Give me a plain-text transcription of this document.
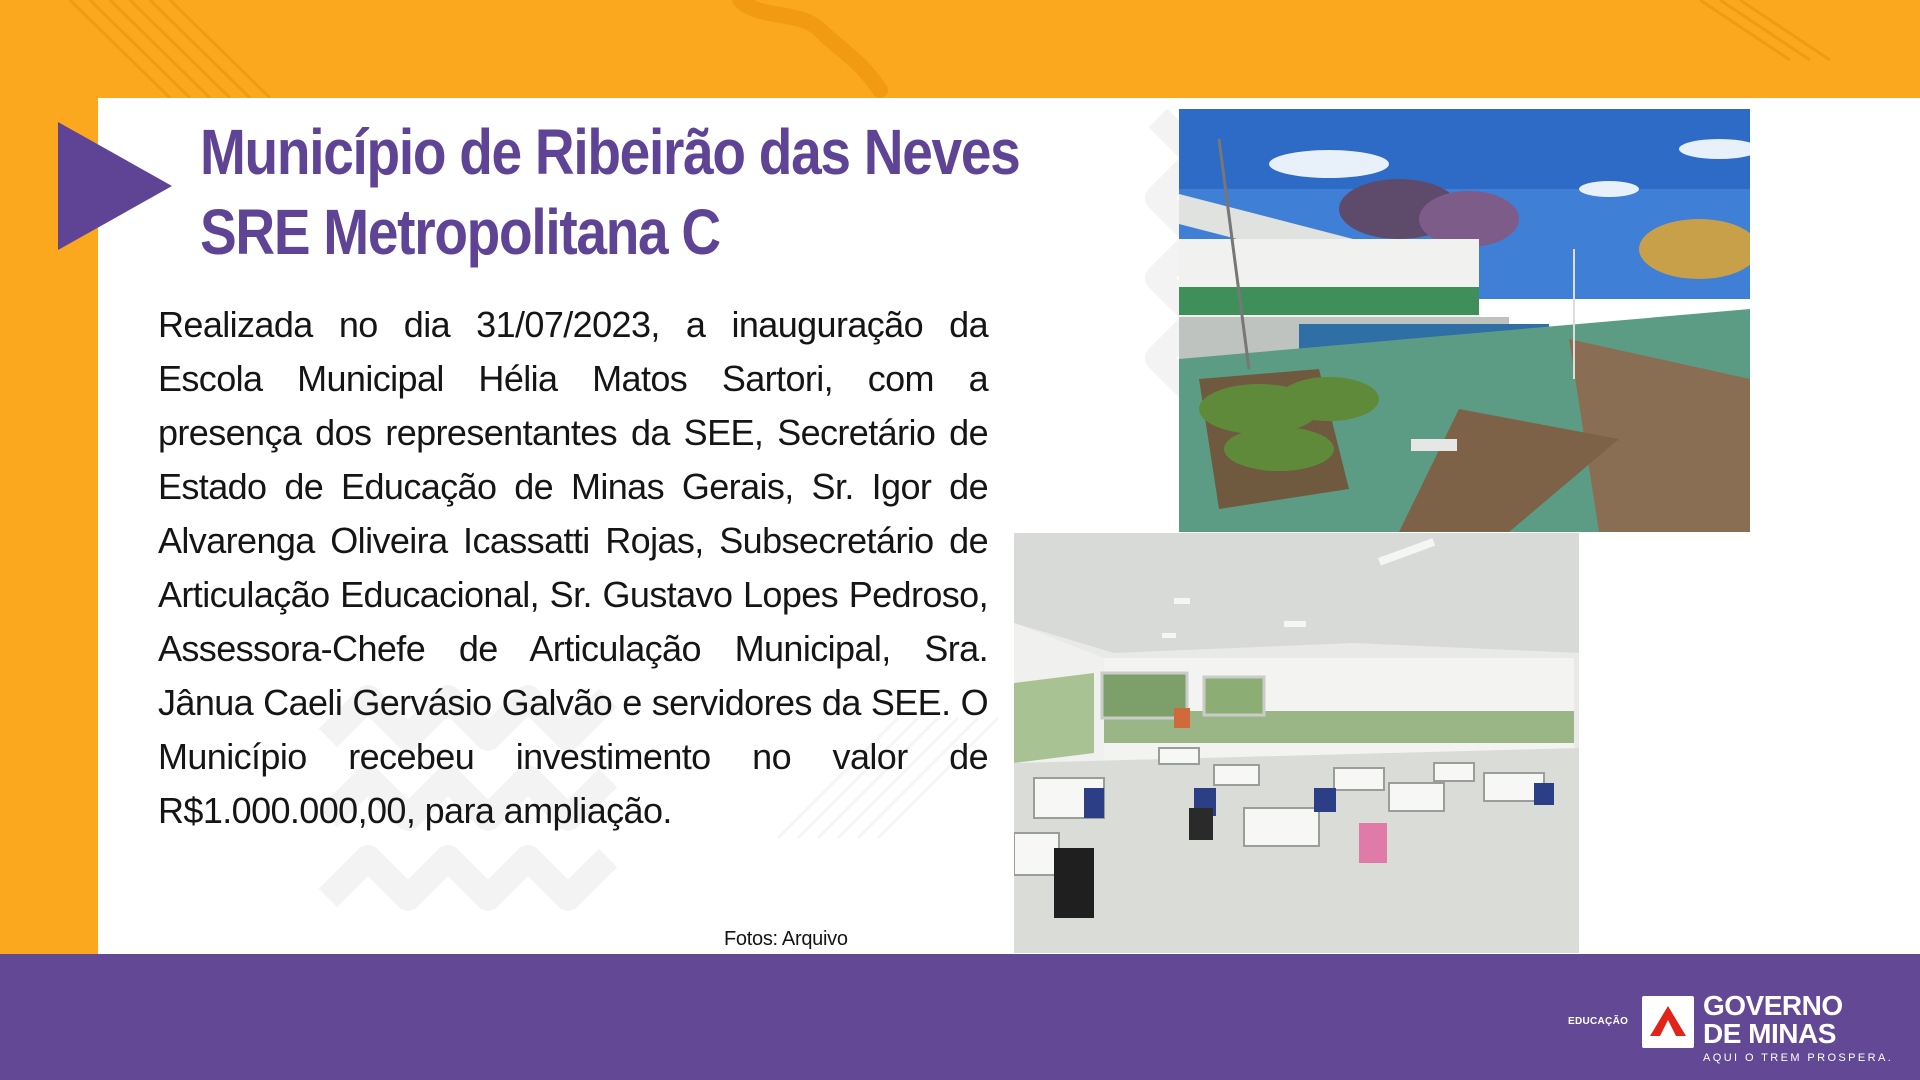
Município de Ribeirão das Neves
SRE Metropolitana C

Realizada no dia 31/07/2023, a inauguração da Escola Municipal Hélia Matos Sartori, com a presença dos representantes da SEE, Secretário de Estado de Educação de Minas Gerais, Sr. Igor de Alvarenga Oliveira Icassatti Rojas, Subsecretário de Articulação Educacional, Sr. Gustavo Lopes Pedroso, Assessora-Chefe de Articulação Municipal, Sra. Jânua Caeli Gervásio Galvão e servidores da SEE. O Município recebeu investimento no valor de R$1.000.000,00, para ampliação.

Fotos: Arquivo

EDUCAÇÃO
GOVERNO
DE MINAS
AQUI O TREM PROSPERA.
